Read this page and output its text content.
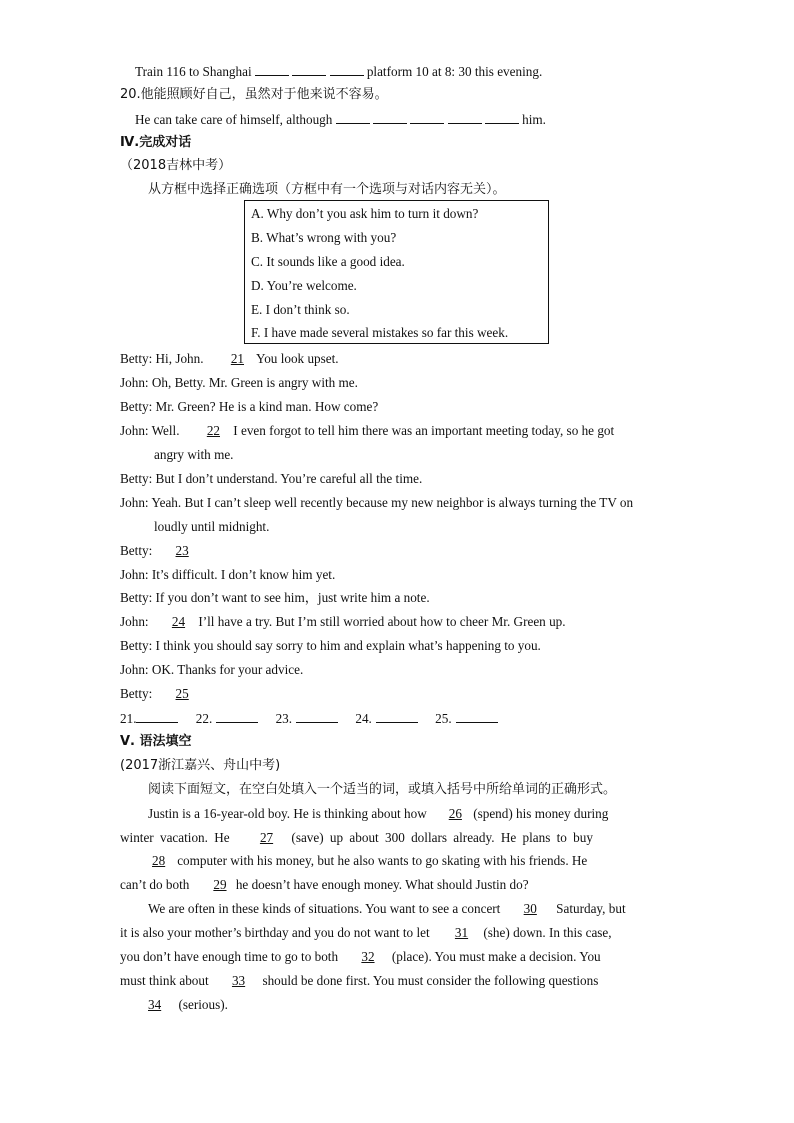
Train 116 to Shanghai	platform 10 at 8: 30 this evening.
20.他能照顾好自己，虽然对于他来说不容易。
He can take care of himself, although	him.
Ⅳ.完成对话
（2018吉林中考）
从方框中选择正确选项（方框中有一个选项与对话内容无关）。
A. Why don’t you ask him to turn it down?
B. What’s wrong with you?
C. It sounds like a good idea.
D. You’re welcome.
E. I don’t think so.
F. I have made several mistakes so far this week.
Betty: Hi, John. 21 You look upset.
John: Oh, Betty. Mr. Green is angry with me.
Betty: Mr. Green? He is a kind man. How come?
John: Well. 22 I even forgot to tell him there was an important meeting today, so he got
angry with me.
Betty: But I don’t understand. You’re careful all the time.
John: Yeah. But I can’t sleep well recently because my new neighbor is always turning the TV on
loudly until midnight.
Betty: 23
John: It’s difficult. I don’t know him yet.
Betty: If you don’t want to see him，just write him a note.
John: 24 I’ll have a try. But I’m still worried about how to cheer Mr. Green up.
Betty: I think you should say sorry to him and explain what’s happening to you.
John: OK. Thanks for your advice.
Betty: 25
21.	22.	23.	24.	25.
Ⅴ. 语法填空
(2017浙江嘉兴、舟山中考)
阅读下面短文，在空白处填入一个适当的词，或填入括号中所给单词的正确形式。
Justin is a 16-year-old boy. He is thinking about how 26 (spend) his money during
winter vacation. He 27 (save) up about 300 dollars already. He plans to buy
28 computer with his money, but he also wants to go skating with his friends. He
can’t do both 29 he doesn’t have enough money. What should Justin do?
We are often in these kinds of situations. You want to see a concert 30 Saturday, but
it is also your mother’s birthday and you do not want to let 31 (she) down. In this case,
you don’t have enough time to go to both 32 (place). You must make a decision. You
must think about 33 should be done first. You must consider the following questions
34 (serious).
